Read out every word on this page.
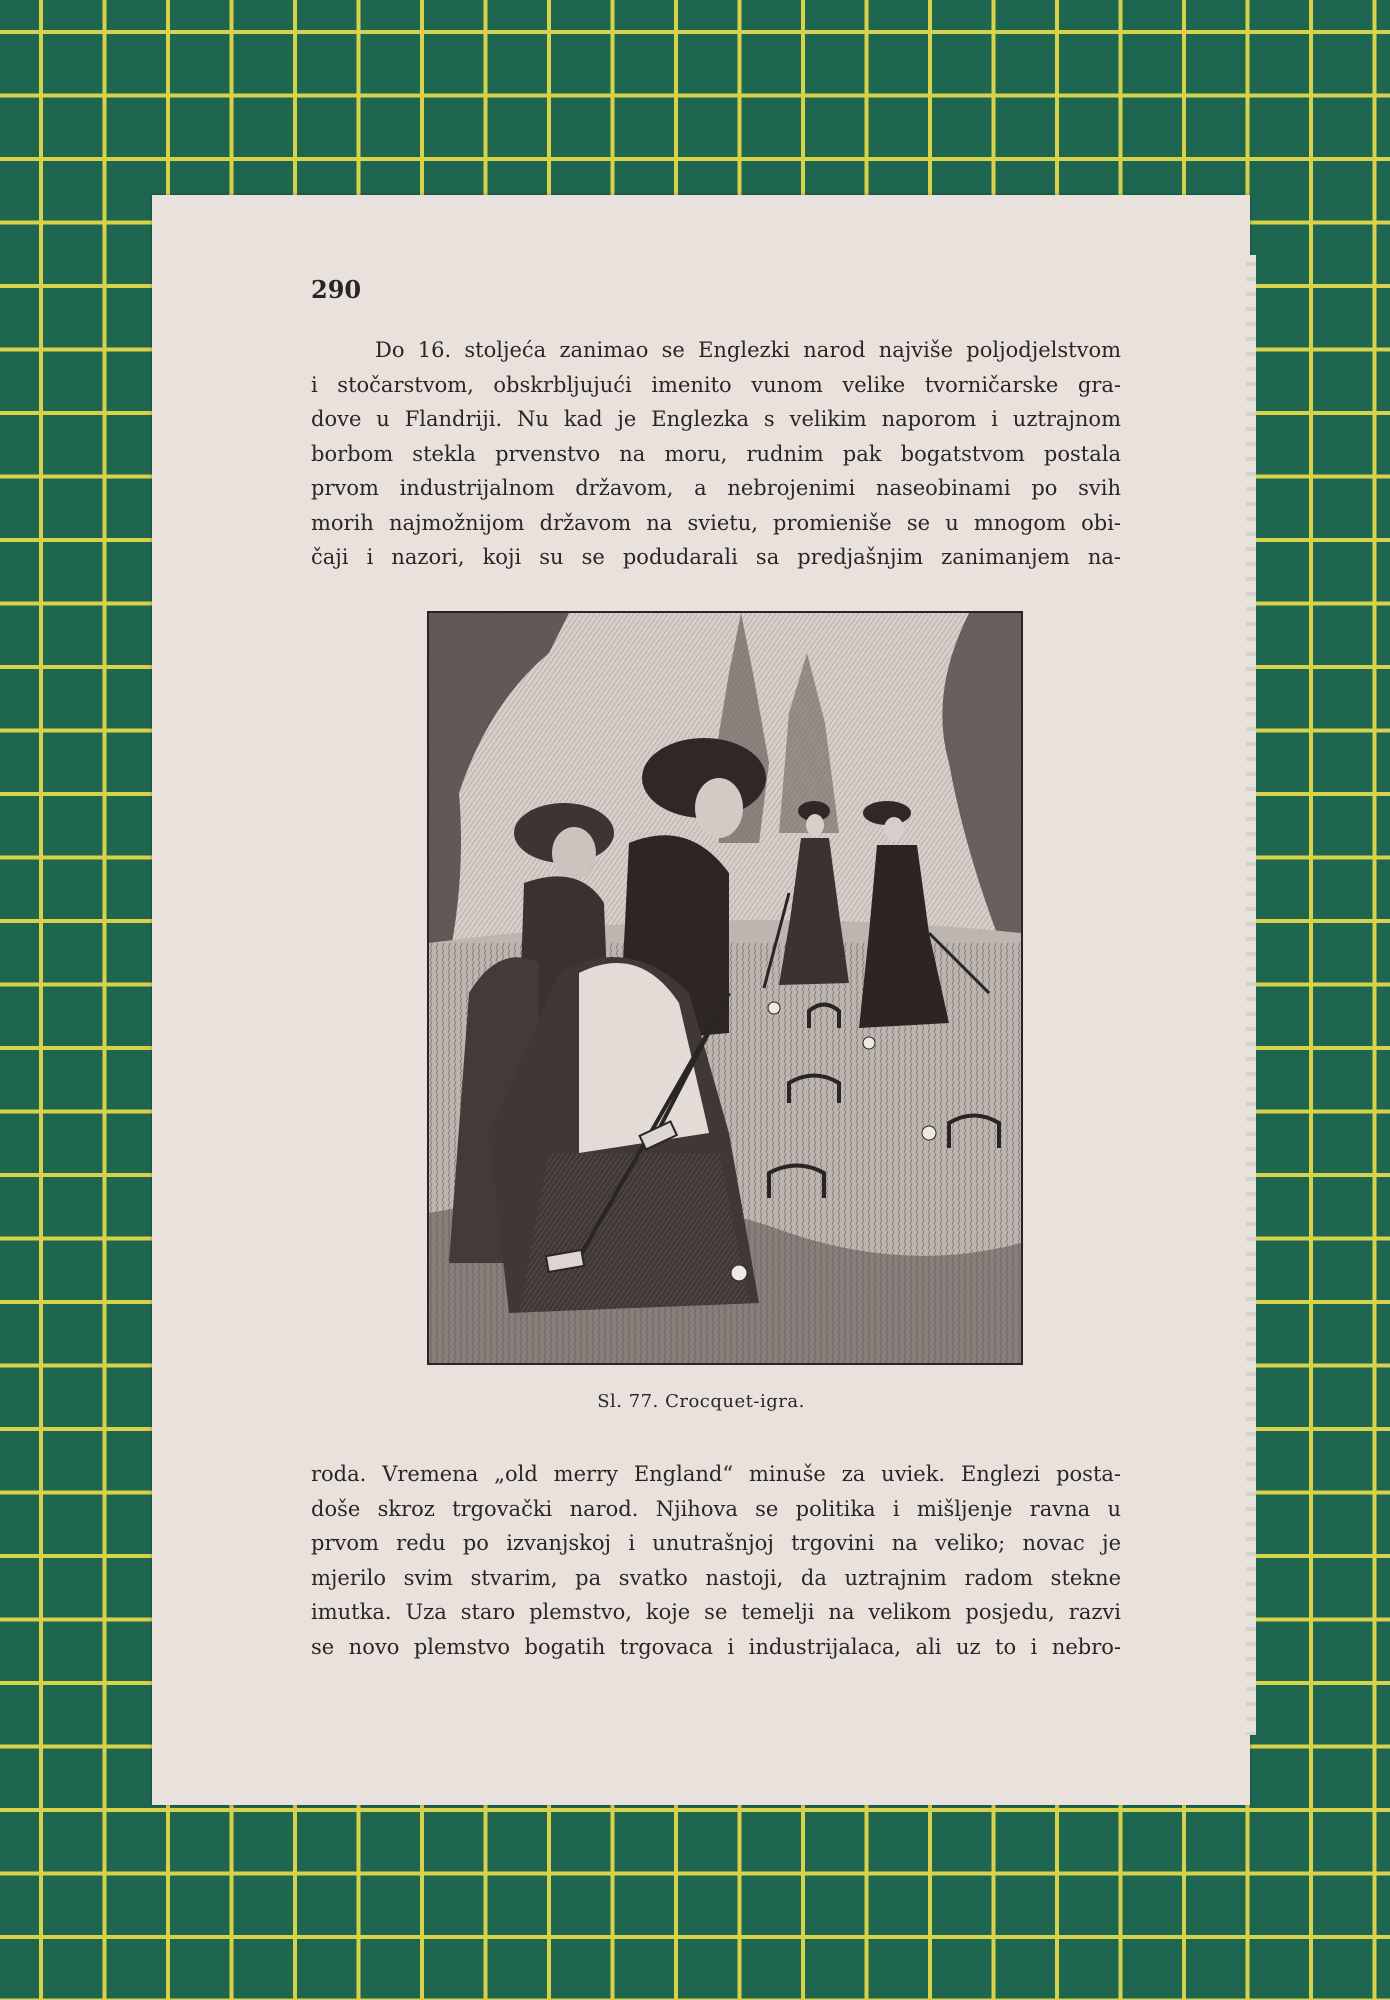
290
Do 16. stoljeća zanimao se Englezki narod najviše poljodjelstvom
i stočarstvom, obskrbljujući imenito vunom velike tvorničarske gra-
dove u Flandriji. Nu kad je Englezka s velikim naporom i uztrajnom
borbom stekla prvenstvo na moru, rudnim pak bogatstvom postala
prvom industrijalnom državom, a nebrojenimi naseobinami po svih
morih najmožnijom državom na svietu, promieniše se u mnogom obi-
čaji i nazori, koji su se podudarali sa predjašnjim zanimanjem na-
Sl. 77. Crocquet-igra.
roda. Vremena „old merry England“ minuše za uviek. Englezi posta-
doše skroz trgovački narod. Njihova se politika i mišljenje ravna u
prvom redu po izvanjskoj i unutrašnjoj trgovini na veliko; novac je
mjerilo svim stvarim, pa svatko nastoji, da uztrajnim radom stekne
imutka. Uza staro plemstvo, koje se temelji na velikom posjedu, razvi
se novo plemstvo bogatih trgovaca i industrijalaca, ali uz to i nebro-
